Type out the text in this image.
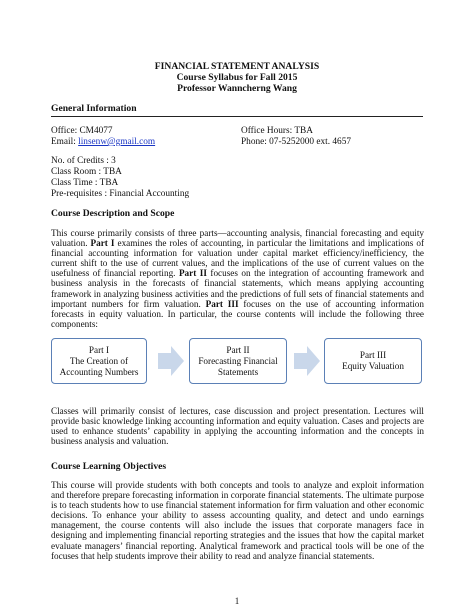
FINANCIAL STATEMENT ANALYSIS
Course Syllabus for Fall 2015
Professor Wanncherng Wang
General Information
Office: CM4077	Office Hours: TBA
Email: linsenw@gmail.com	Phone: 07-5252000 ext. 4657
No. of Credits : 3
Class Room : TBA
Class Time : TBA
Pre-requisites : Financial Accounting
Course Description and Scope
This course primarily consists of three parts—accounting analysis, financial forecasting and equity valuation. Part I examines the roles of accounting, in particular the limitations and implications of financial accounting information for valuation under capital market efficiency/inefficiency, the current shift to the use of current values, and the implications of the use of current values on the usefulness of financial reporting. Part II focuses on the integration of accounting framework and business analysis in the forecasts of financial statements, which means applying accounting framework in analyzing business activities and the predictions of full sets of financial statements and important numbers for firm valuation. Part III focuses on the use of accounting information forecasts in equity valuation. In particular, the course contents will include the following three components:
Part I
The Creation of
Accounting Numbers
Part II
Forecasting Financial
Statements
Part III
Equity Valuation
Classes will primarily consist of lectures, case discussion and project presentation. Lectures will provide basic knowledge linking accounting information and equity valuation. Cases and projects are used to enhance students’ capability in applying the accounting information and the concepts in business analysis and valuation.
Course Learning Objectives
This course will provide students with both concepts and tools to analyze and exploit information and therefore prepare forecasting information in corporate financial statements. The ultimate purpose is to teach students how to use financial statement information for firm valuation and other economic decisions. To enhance your ability to assess accounting quality, and detect and undo earnings management, the course contents will also include the issues that corporate managers face in designing and implementing financial reporting strategies and the issues that how the capital market evaluate managers’ financial reporting. Analytical framework and practical tools will be one of the focuses that help students improve their ability to read and analyze financial statements.
1
